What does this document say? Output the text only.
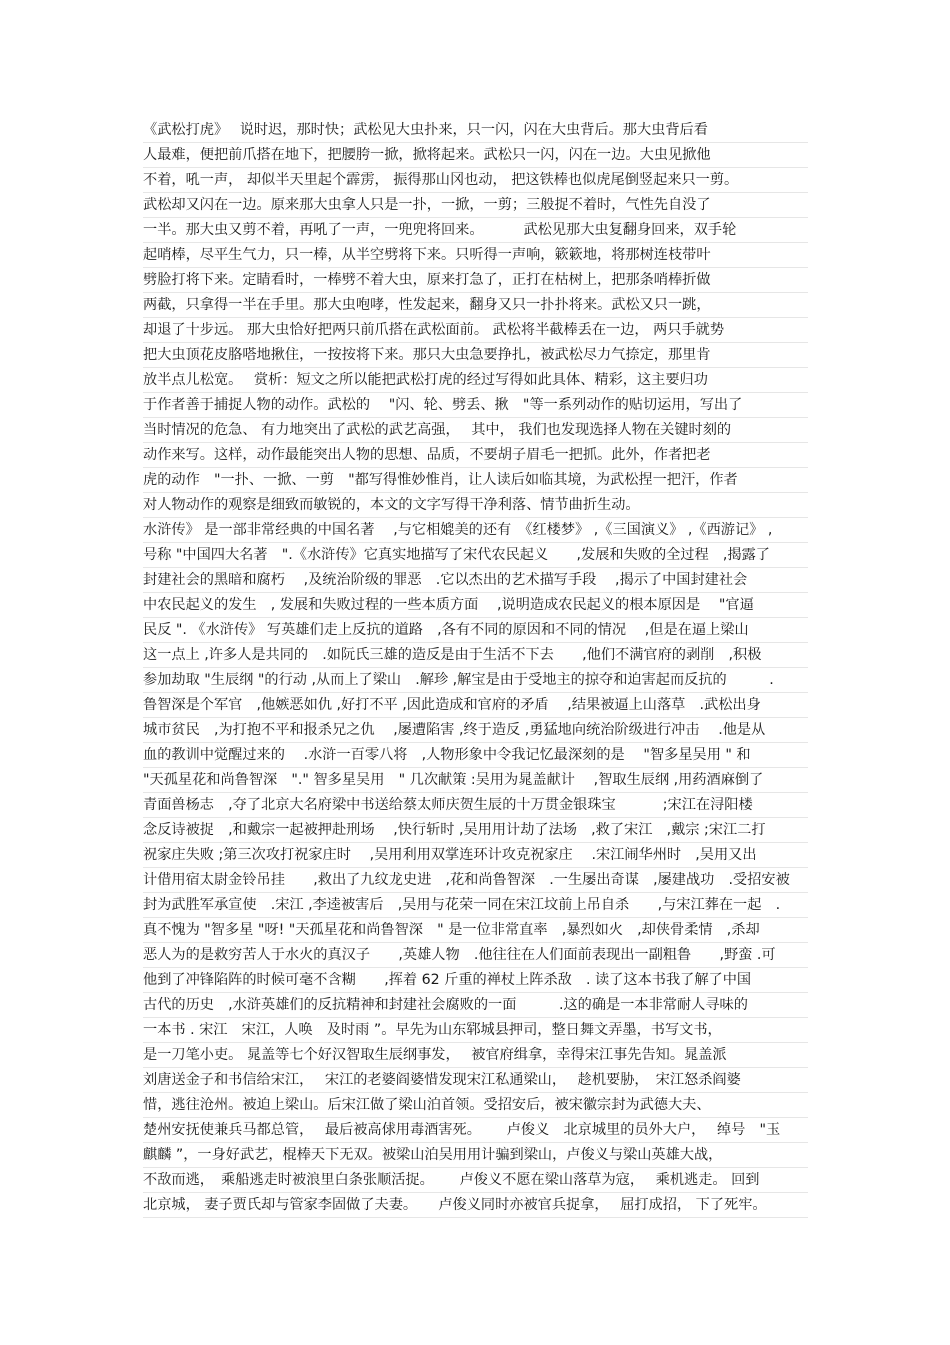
《武松打虎》　 说时迟，那时快；武松见大虫扑来，只一闪，闪在大虫背后。那大虫背后看
人最难，便把前爪搭在地下，把腰胯一掀，掀将起来。武松只一闪，闪在一边。大虫见掀他
不着，吼一声， 却似半天里起个霹雳， 振得那山冈也动， 把这铁棒也似虎尾倒竖起来只一剪。
武松却又闪在一边。原来那大虫拿人只是一扑，一掀，一剪；三般捉不着时，气性先自没了
一半。那大虫又剪不着，再吼了一声，一兜兜将回来。　　　 武松见那大虫复翻身回来，双手轮
起哨棒，尽平生气力，只一棒，从半空劈将下来。只听得一声响，簌簌地，将那树连枝带叶
劈脸打将下来。定睛看时，一棒劈不着大虫，原来打急了，正打在枯树上，把那条哨棒折做
两截，只拿得一半在手里。那大虫咆哮，性发起来，翻身又只一扑扑将来。武松又只一跳，
却退了十步远。 那大虫恰好把两只前爪搭在武松面前。 武松将半截棒丢在一边， 两只手就势
把大虫顶花皮胳嗒地揪住，一按按将下来。那只大虫急要挣扎，被武松尽力气捺定，那里肯
放半点儿松宽。　 赏析：短文之所以能把武松打虎的经过写得如此具体、精彩，这主要归功
于作者善于捕捉人物的动作。武松的　 "闪、轮、劈丢、揪　"等一系列动作的贴切运用，写出了
当时情况的危急、 有力地突出了武松的武艺高强，　 其中， 我们也发现选择人物在关键时刻的
动作来写。这样，动作最能突出人物的思想、品质，不要胡子眉毛一把抓。此外，作者把老
虎的动作　"一扑、一掀、一剪　"都写得惟妙惟肖，让人读后如临其境，为武松捏一把汗，作者
对人物动作的观察是细致而敏锐的，本文的文字写得干净利落、情节曲折生动。
水浒传》 是一部非常经典的中国名著　 ,与它相媲美的还有　《红楼梦》 ,《三国演义》 ,《西游记》 ,
号称 "中国四大名著　".《水浒传》它真实地描写了宋代农民起义　　,发展和失败的全过程　,揭露了
封建社会的黑暗和腐朽　 ,及统治阶级的罪恶　.它以杰出的艺术描写手段　 ,揭示了中国封建社会
中农民起义的发生　, 发展和失败过程的一些本质方面　 ,说明造成农民起义的根本原因是　 "官逼
民反 ". 《水浒传》 写英雄们走上反抗的道路　,各有不同的原因和不同的情况　 ,但是在逼上梁山
这一点上 ,许多人是共同的　.如阮氏三雄的造反是由于生活不下去　　,他们不满官府的剥削　,积极
参加劫取 "生辰纲 "的行动 ,从而上了梁山　.解珍 ,解宝是由于受地主的掠夺和迫害起而反抗的　　　.
鲁智深是个军官　,他嫉恶如仇 ,好打不平 ,因此造成和官府的矛盾　 ,结果被逼上山落草　.武松出身
城市贫民　,为打抱不平和报杀兄之仇　 ,屡遭陷害 ,终于造反 ,勇猛地向统治阶级进行冲击　 .他是从
血的教训中觉醒过来的　 .水浒一百零八将　,人物形象中令我记忆最深刻的是　 "智多星吴用 " 和
"天孤星花和尚鲁智深　"." 智多星吴用　" 几次献策 :吴用为晁盖献计　 ,智取生辰纲 ,用药酒麻倒了
青面兽杨志　,夺了北京大名府梁中书送给蔡太师庆贺生辰的十万贯金银珠宝　　　 ;宋江在浔阳楼
念反诗被捉　,和戴宗一起被押赴刑场　 ,快行斩时 ,吴用用计劫了法场　,救了宋江　,戴宗 ;宋江二打
祝家庄失败 ;第三次攻打祝家庄时　 ,吴用利用双掌连环计攻克祝家庄　 .宋江闹华州时　,吴用又出
计借用宿太尉金铃吊挂　　,救出了九纹龙史进　,花和尚鲁智深　.一生屡出奇谋　,屡建战功　.受招安被
封为武胜军承宣使　.宋江 ,李逵被害后　,吴用与花荣一同在宋江坟前上吊自杀　　,与宋江葬在一起　.
真不愧为 "智多星 "呀! "天孤星花和尚鲁智深　" 是一位非常直率　,暴烈如火　,却侠骨柔情　,杀却
恶人为的是救穷苦人于水火的真汉子　　,英雄人物　.他往往在人们面前表现出一副粗鲁　　,野蛮 .可
他到了冲锋陷阵的时候可毫不含糊　　,挥着 62 斤重的禅杖上阵杀敌　. 读了这本书我了解了中国
古代的历史　,水浒英雄们的反抗精神和封建社会腐败的一面　　　.这的确是一本非常耐人寻味的
一本书 . 宋江　宋江，人唤　及时雨 ”。早先为山东郓城县押司，整日舞文弄墨，书写文书，
是一刀笔小吏。 晁盖等七个好汉智取生辰纲事发，　 被官府缉拿，幸得宋江事先告知。晁盖派
刘唐送金子和书信给宋江，　 宋江的老婆阎婆惜发现宋江私通梁山，　 趁机要胁，　宋江怒杀阎婆
惜，逃往沧州。被迫上梁山。后宋江做了梁山泊首领。受招安后，被宋徽宗封为武德大夫、
楚州安抚使兼兵马都总管，　 最后被高俅用毒酒害死。　　 卢俊义　北京城里的员外大户，　 绰号　"玉
麒麟 ”，一身好武艺，棍棒天下无双。被梁山泊吴用用计骗到梁山，卢俊义与梁山英雄大战，
不敌而逃，　乘船逃走时被浪里白条张顺活捉。　　 卢俊义不愿在梁山落草为寇，　 乘机逃走。 回到
北京城， 妻子贾氏却与管家李固做了夫妻。　　卢俊义同时亦被官兵捉拿，　 屈打成招， 下了死牢。
